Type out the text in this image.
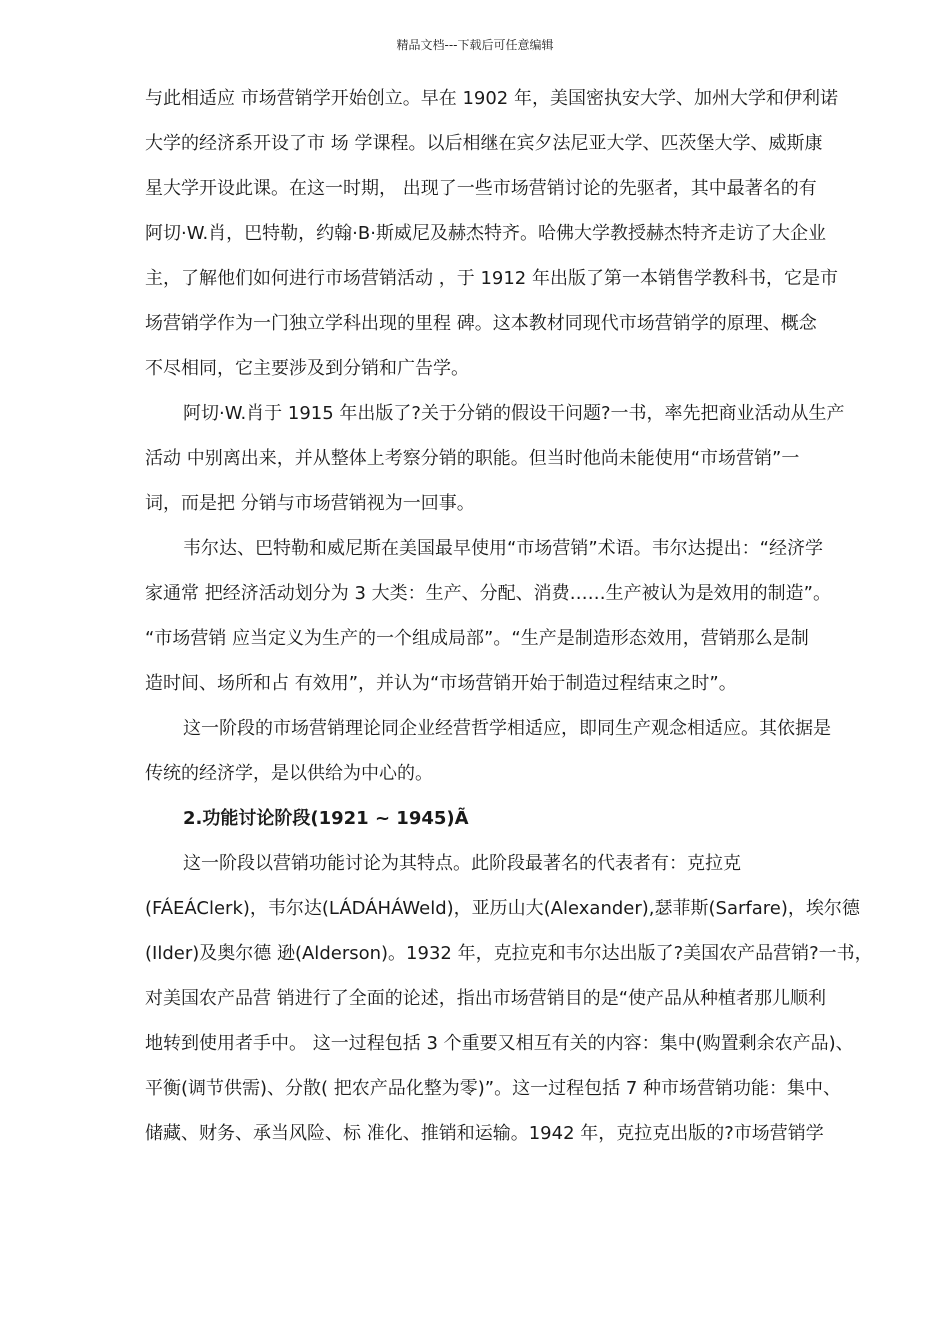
精品文档---下载后可任意编辑
与此相适应 市场营销学开始创立。早在 1902 年，美国密执安大学、加州大学和伊利诺
大学的经济系开设了市 场 学课程。以后相继在宾夕法尼亚大学、匹茨堡大学、威斯康
星大学开设此课。在这一时期， 出现了一些市场营销讨论的先驱者，其中最著名的有
阿切·W.肖，巴特勒，约翰·B·斯威尼及赫杰特齐。哈佛大学教授赫杰特齐走访了大企业
主，了解他们如何进行市场营销活动 ，于 1912 年出版了第一本销售学教科书，它是市
场营销学作为一门独立学科出现的里程 碑。这本教材同现代市场营销学的原理、概念
不尽相同，它主要涉及到分销和广告学。
阿切·W.肖于 1915 年出版了?关于分销的假设干问题?一书，率先把商业活动从生产
活动 中别离出来，并从整体上考察分销的职能。但当时他尚未能使用“市场营销”一
词，而是把 分销与市场营销视为一回事。
韦尔达、巴特勒和威尼斯在美国最早使用“市场营销”术语。韦尔达提出：“经济学
家通常 把经济活动划分为 3 大类：生产、分配、消费……生产被认为是效用的制造”。
“市场营销 应当定义为生产的一个组成局部”。“生产是制造形态效用，营销那么是制
造时间、场所和占 有效用”，并认为“市场营销开始于制造过程结束之时”。
这一阶段的市场营销理论同企业经营哲学相适应，即同生产观念相适应。其依据是
传统的经济学，是以供给为中心的。
2.功能讨论阶段(1921 ~ 1945)Ã
这一阶段以营销功能讨论为其特点。此阶段最著名的代表者有：克拉克
(FÁEÁClerk)，韦尔达(LÁDÁHÁWeld)，亚历山大(Alexander),瑟菲斯(Sarfare)，埃尔德
(Ilder)及奥尔德 逊(Alderson)。1932 年，克拉克和韦尔达出版了?美国农产品营销?一书，
对美国农产品营 销进行了全面的论述，指出市场营销目的是“使产品从种植者那儿顺利
地转到使用者手中。 这一过程包括 3 个重要又相互有关的内容：集中(购置剩余农产品)、
平衡(调节供需)、分散( 把农产品化整为零)”。这一过程包括 7 种市场营销功能：集中、
储藏、财务、承当风险、标 准化、推销和运输。1942 年，克拉克出版的?市场营销学
